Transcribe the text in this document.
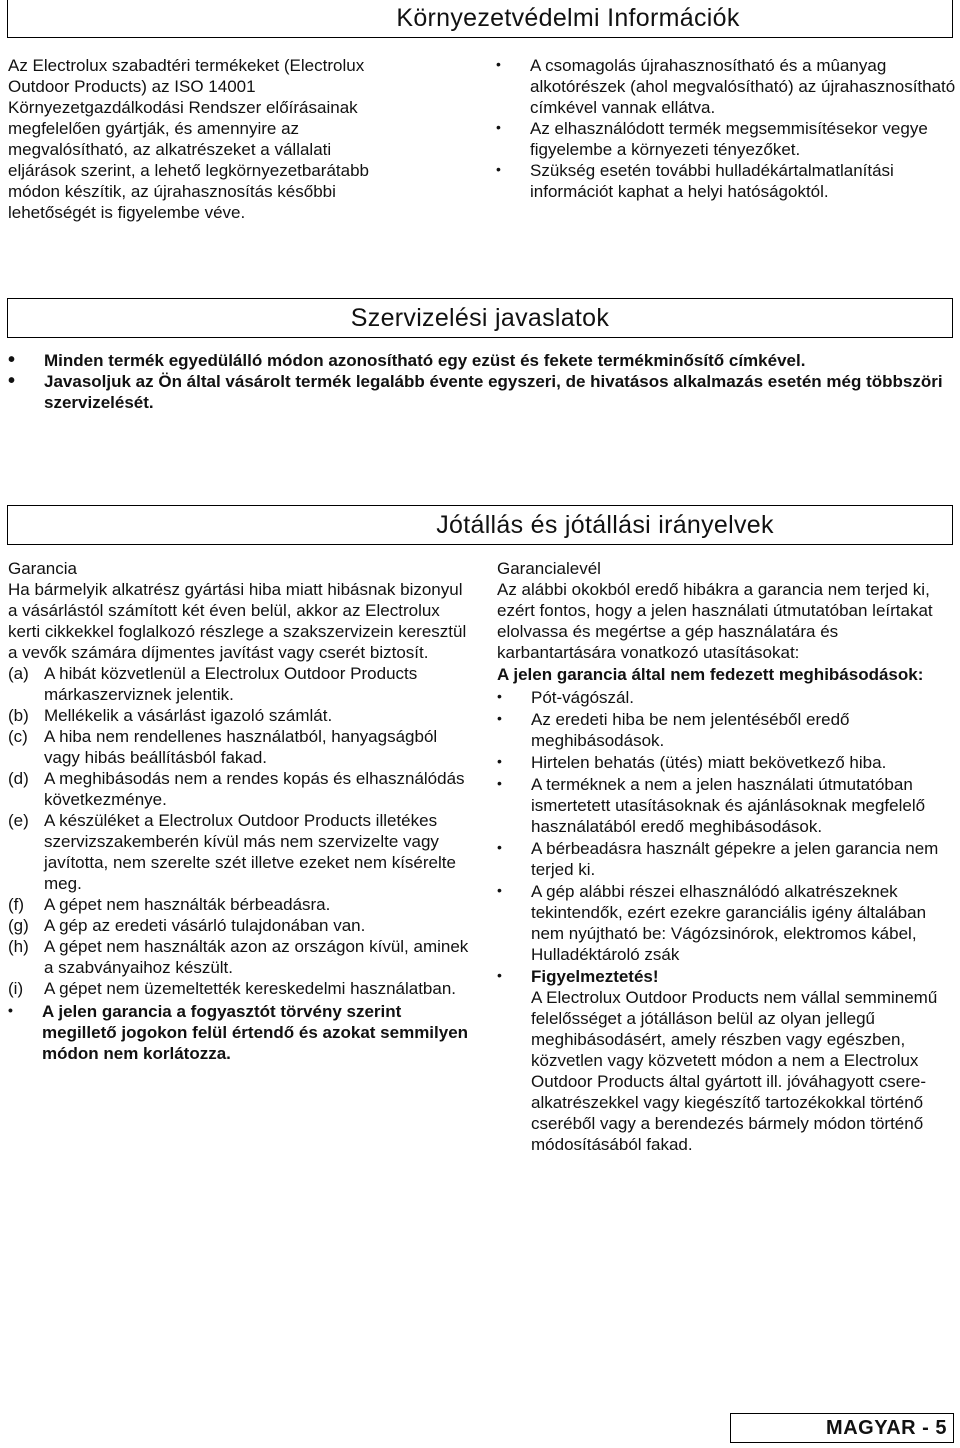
Környezetvédelmi Információk
Az Electrolux szabadtéri termékeket (Electrolux
Outdoor Products) az ISO 14001
Környezetgazdálkodási Rendszer előírásainak
megfelelően gyártják, és amennyire az
megvalósítható, az alkatrészeket a vállalati
eljárások szerint, a lehető legkörnyezetbarátabb
módon készítik, az újrahasznosítás későbbi
lehetőségét is figyelembe véve.
• A csomagolás újrahasznosítható és a mûanyag alkotórészek (ahol megvalósítható) az újrahasznosítható címkével vannak ellátva.
• Az elhasználódott termék megsemmisítésekor vegye figyelembe a környezeti tényezőket.
• Szükség esetén további hulladékártalmatlanítási információt kaphat a helyi hatóságoktól.
Szervizelési javaslatok
• Minden termék egyedülálló módon azonosítható egy ezüst és fekete termékminősítő címkével.
• Javasoljuk az Ön által vásárolt termék legalább évente egyszeri, de hivatásos alkalmazás esetén még többszöri szervizelését.
Jótállás és jótállási irányelvek
Garancia
Ha bármelyik alkatrész gyártási hiba miatt hibásnak bizonyul a vásárlástól számított két éven belül, akkor az Electrolux kerti cikkekkel foglalkozó részlege a szakszervizein keresztül a vevők számára díjmentes javítást vagy cserét biztosít.
(a) A hibát közvetlenül a Electrolux Outdoor Products márkaszerviznek jelentik.
(b) Mellékelik a vásárlást igazoló számlát.
(c) A hiba nem rendellenes használatból, hanyagságból vagy hibás beállításból fakad.
(d) A meghibásodás nem a rendes kopás és elhasználódás következménye.
(e) A készüléket a Electrolux Outdoor Products illetékes szervizszakemberén kívül más nem szervizelte vagy javította, nem szerelte szét illetve ezeket nem kísérelte meg.
(f) A gépet nem használták bérbeadásra.
(g) A gép az eredeti vásárló tulajdonában van.
(h) A gépet nem használták azon az országon kívül, aminek a szabványaihoz készült.
(i) A gépet nem üzemeltették kereskedelmi használatban.
• A jelen garancia a fogyasztót törvény szerint megillető jogokon felül értendő és azokat semmilyen módon nem korlátozza.
Garancialevél
Az alábbi okokból eredő hibákra a garancia nem terjed ki, ezért fontos, hogy a jelen használati útmutatóban leírtakat elolvassa és megértse a gép használatára és karbantartására vonatkozó utasításokat:
A jelen garancia által nem fedezett meghibásodások:
• Pót-vágószál.
• Az eredeti hiba be nem jelentéséből eredő meghibásodások.
• Hirtelen behatás (ütés) miatt bekövetkező hiba.
• A terméknek a nem a jelen használati útmutatóban ismertetett utasításoknak és ajánlásoknak megfelelő használatából eredő meghibásodások.
• A bérbeadásra használt gépekre a jelen garancia nem terjed ki.
• A gép alábbi részei elhasználódó alkatrészeknek tekintendők, ezért ezekre garanciális igény általában nem nyújtható be: Vágózsinórok, elektromos kábel, Hulladéktároló zsák
• Figyelmeztetés!
A Electrolux Outdoor Products nem vállal semminemű felelősséget a jótálláson belül az olyan jellegű meghibásodásért, amely részben vagy egészben, közvetlen vagy közvetett módon a nem a Electrolux Outdoor Products által gyártott ill. jóváhagyott cserealkatrészekkel vagy kiegészítő tartozékokkal történő cseréből vagy a berendezés bármely módon történő módosításából fakad.
MAGYAR - 5
